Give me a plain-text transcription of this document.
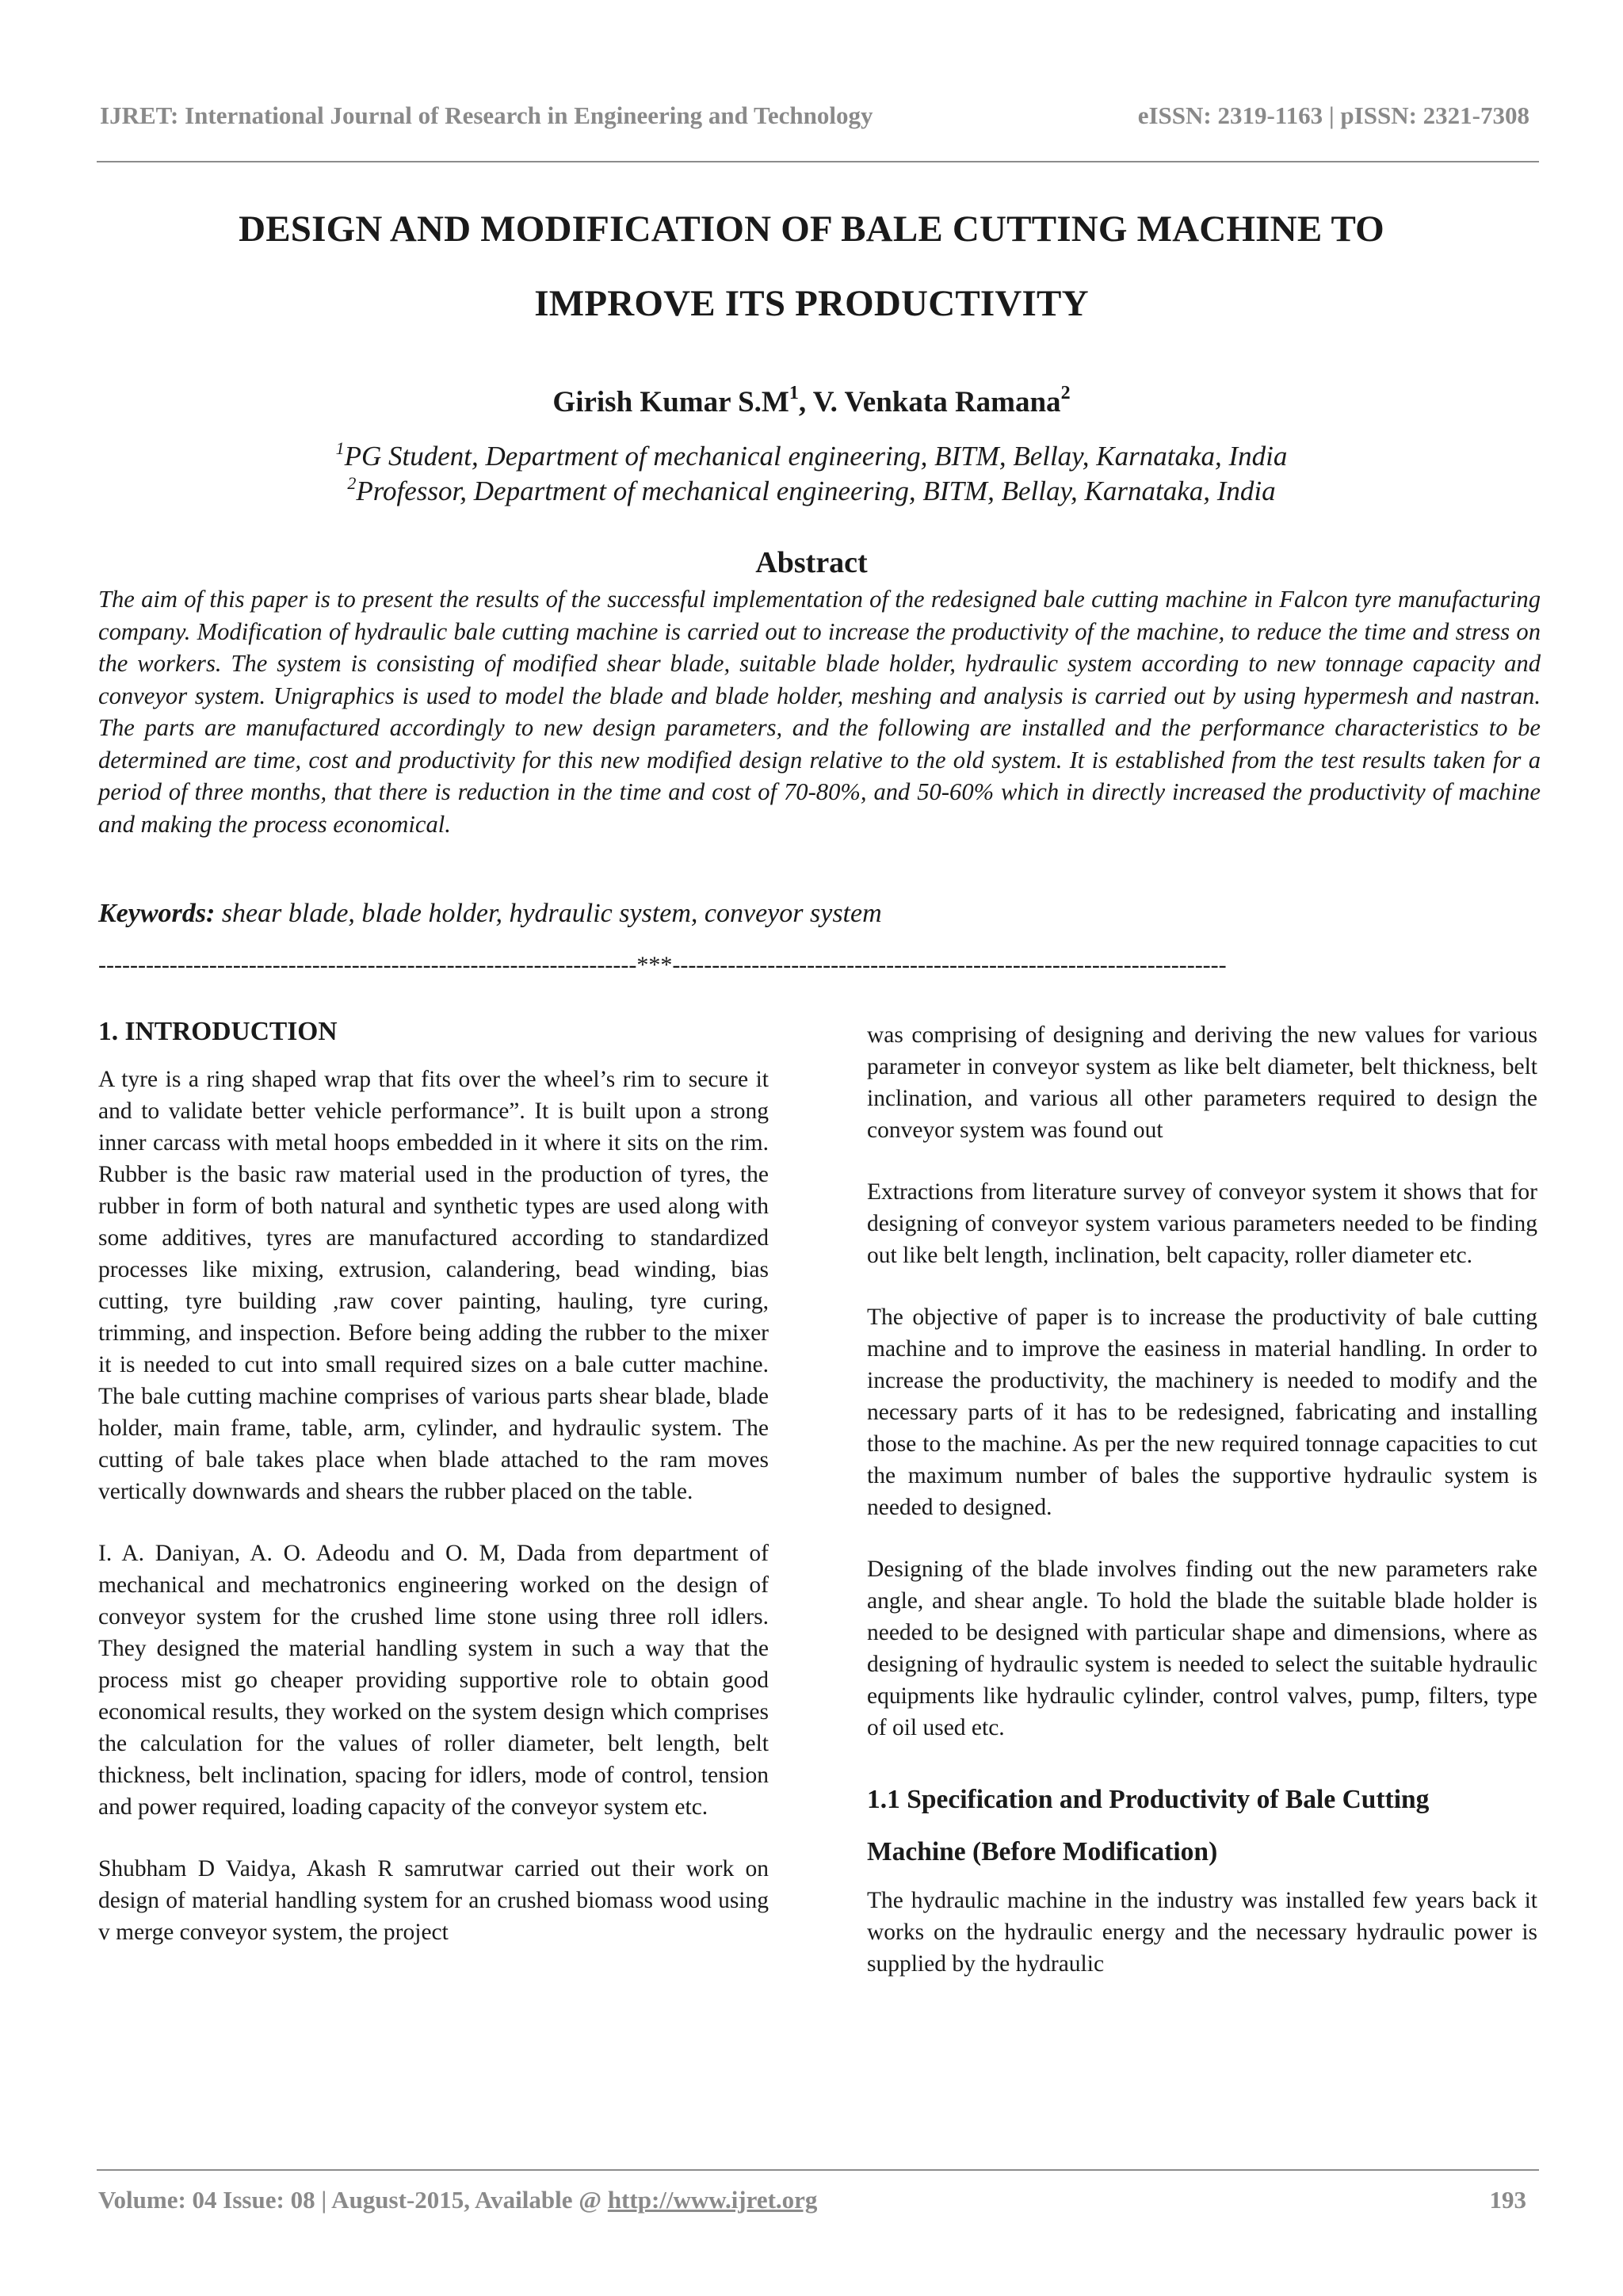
IJRET: International Journal of Research in Engineering and Technology	eISSN: 2319-1163 | pISSN: 2321-7308
DESIGN AND MODIFICATION OF BALE CUTTING MACHINE TO
IMPROVE ITS PRODUCTIVITY
Girish Kumar $S.M^1$, V. Venkata Ramana$^2$
$^1$PG Student, Department of mechanical engineering, BITM, Bellay, Karnataka, India
$^2$Professor, Department of mechanical engineering, BITM, Bellay, Karnataka, India
Abstract
The aim of this paper is to present the results of the successful implementation of the redesigned bale cutting machine in Falcon tyre manufacturing company. Modification of hydraulic bale cutting machine is carried out to increase the productivity of the machine, to reduce the time and stress on the workers. The system is consisting of modified shear blade, suitable blade holder, hydraulic system according to new tonnage capacity and conveyor system. Unigraphics is used to model the blade and blade holder, meshing and analysis is carried out by using hypermesh and nastran. The parts are manufactured accordingly to new design parameters, and the following are installed and the performance characteristics to be determined are time, cost and productivity for this new modified design relative to the old system. It is established from the test results taken for a period of three months, that there is reduction in the time and cost of 70-80%, and 50-60% which in directly increased the productivity of machine and making the process economical.
Keywords: shear blade, blade holder, hydraulic system, conveyor system
--------------------------------------------------------------------***----------------------------------------------------------------------
1. INTRODUCTION

A tyre is a ring shaped wrap that fits over the wheel’s rim to secure it and to validate better vehicle performance”. It is built upon a strong inner carcass with metal hoops embedded in it where it sits on the rim. Rubber is the basic raw material used in the production of tyres, the rubber in form of both natural and synthetic types are used along with some additives, tyres are manufactured according to standardized processes like mixing, extrusion, calandering, bead winding, bias cutting, tyre building ,raw cover painting, hauling, tyre curing, trimming, and inspection. Before being adding the rubber to the mixer it is needed to cut into small required sizes on a bale cutter machine. The bale cutting machine comprises of various parts shear blade, blade holder, main frame, table, arm, cylinder, and hydraulic system. The cutting of bale takes place when blade attached to the ram moves vertically downwards and shears the rubber placed on the table.

I. A. Daniyan, A. O. Adeodu and O. M, Dada from department of mechanical and mechatronics engineering worked on the design of conveyor system for the crushed lime stone using three roll idlers. They designed the material handling system in such a way that the process mist go cheaper providing supportive role to obtain good economical results, they worked on the system design which comprises the calculation for the values of roller diameter, belt length, belt thickness, belt inclination, spacing for idlers, mode of control, tension and power required, loading capacity of the conveyor system etc.

Shubham D Vaidya, Akash R samrutwar carried out their work on design of material handling system for an crushed biomass wood using v merge conveyor system, the project

was comprising of designing and deriving the new values for various parameter in conveyor system as like belt diameter, belt thickness, belt inclination, and various all other parameters required to design the conveyor system was found out

Extractions from literature survey of conveyor system it shows that for designing of conveyor system various parameters needed to be finding out like belt length, inclination, belt capacity, roller diameter etc.

The objective of paper is to increase the productivity of bale cutting machine and to improve the easiness in material handling. In order to increase the productivity, the machinery is needed to modify and the necessary parts of it has to be redesigned, fabricating and installing those to the machine. As per the new required tonnage capacities to cut the maximum number of bales the supportive hydraulic system is needed to designed.

Designing of the blade involves finding out the new parameters rake angle, and shear angle. To hold the blade the suitable blade holder is needed to be designed with particular shape and dimensions, where as designing of hydraulic system is needed to select the suitable hydraulic equipments like hydraulic cylinder, control valves, pump, filters, type of oil used etc.

1.1 Specification and Productivity of Bale Cutting
Machine (Before Modification)

The hydraulic machine in the industry was installed few years back it works on the hydraulic energy and the necessary hydraulic power is supplied by the hydraulic

Volume: 04 Issue: 08 | August-2015, Available @ http://www.ijret.org	193
